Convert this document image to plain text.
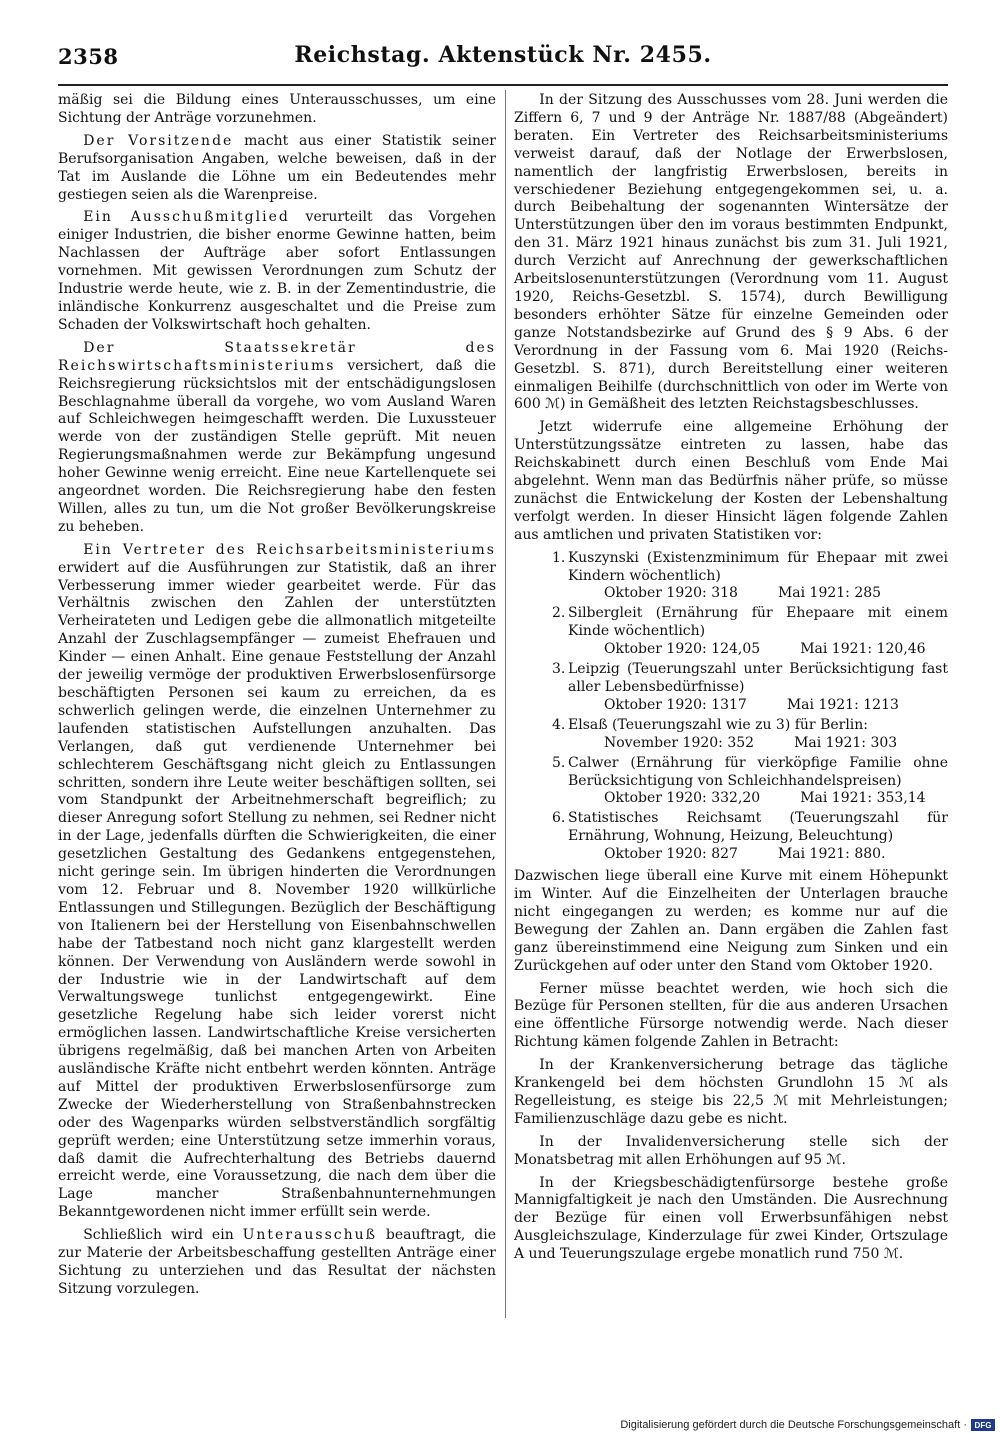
2358	Reichstag. Aktenstück Nr. 2455.

mäßig sei die Bildung eines Unterausschusses, um eine Sichtung der Anträge vorzunehmen.

Der Vorsitzende macht aus einer Statistik seiner Berufsorganisation Angaben, welche beweisen, daß in der Tat im Auslande die Löhne um ein Bedeutendes mehr gestiegen seien als die Warenpreise.

Ein Ausschußmitglied verurteilt das Vorgehen einiger Industrien, die bisher enorme Gewinne hatten, beim Nachlassen der Aufträge aber sofort Entlassungen vornehmen. Mit gewissen Verordnungen zum Schutz der Industrie werde heute, wie z. B. in der Zementindustrie, die inländische Konkurrenz ausgeschaltet und die Preise zum Schaden der Volkswirtschaft hoch gehalten.

Der Staatssekretär des Reichswirtschaftsministeriums versichert, daß die Reichsregierung rücksichtslos mit der entschädigungslosen Beschlagnahme überall da vorgehe, wo vom Ausland Waren auf Schleichwegen heimgeschafft werden. Die Luxussteuer werde von der zuständigen Stelle geprüft. Mit neuen Regierungsmaßnahmen werde zur Bekämpfung ungesund hoher Gewinne wenig erreicht. Eine neue Kartellenquete sei angeordnet worden. Die Reichsregierung habe den festen Willen, alles zu tun, um die Not großer Bevölkerungskreise zu beheben.

Ein Vertreter des Reichsarbeitsministeriums erwidert auf die Ausführungen zur Statistik, daß an ihrer Verbesserung immer wieder gearbeitet werde. Für das Verhältnis zwischen den Zahlen der unterstützten Verheirateten und Ledigen gebe die allmonatlich mitgeteilte Anzahl der Zuschlagsempfänger — zumeist Ehefrauen und Kinder — einen Anhalt. Eine genaue Feststellung der Anzahl der jeweilig vermöge der produktiven Erwerbslosenfürsorge beschäftigten Personen sei kaum zu erreichen, da es schwerlich gelingen werde, die einzelnen Unternehmer zu laufenden statistischen Aufstellungen anzuhalten. Das Verlangen, daß gut verdienende Unternehmer bei schlechterem Geschäftsgang nicht gleich zu Entlassungen schritten, sondern ihre Leute weiter beschäftigen sollten, sei vom Standpunkt der Arbeitnehmerschaft begreiflich; zu dieser Anregung sofort Stellung zu nehmen, sei Redner nicht in der Lage, jedenfalls dürften die Schwierigkeiten, die einer gesetzlichen Gestaltung des Gedankens entgegenstehen, nicht geringe sein. Im übrigen hinderten die Verordnungen vom 12. Februar und 8. November 1920 willkürliche Entlassungen und Stillegungen. Bezüglich der Beschäftigung von Italienern bei der Herstellung von Eisenbahnschwellen habe der Tatbestand noch nicht ganz klargestellt werden können. Der Verwendung von Ausländern werde sowohl in der Industrie wie in der Landwirtschaft auf dem Verwaltungswege tunlichst entgegengewirkt. Eine gesetzliche Regelung habe sich leider vorerst nicht ermöglichen lassen. Landwirtschaftliche Kreise versicherten übrigens regelmäßig, daß bei manchen Arten von Arbeiten ausländische Kräfte nicht entbehrt werden könnten. Anträge auf Mittel der produktiven Erwerbslosenfürsorge zum Zwecke der Wiederherstellung von Straßenbahnstrecken oder des Wagenparks würden selbstverständlich sorgfältig geprüft werden; eine Unterstützung setze immerhin voraus, daß damit die Aufrechterhaltung des Betriebs dauernd erreicht werde, eine Voraussetzung, die nach dem über die Lage mancher Straßenbahnunternehmungen Bekanntgewordenen nicht immer erfüllt sein werde.

Schließlich wird ein Unterausschuß beauftragt, die zur Materie der Arbeitsbeschaffung gestellten Anträge einer Sichtung zu unterziehen und das Resultat der nächsten Sitzung vorzulegen.

In der Sitzung des Ausschusses vom 28. Juni werden die Ziffern 6, 7 und 9 der Anträge Nr. 1887/88 (Abgeändert) beraten. Ein Vertreter des Reichsarbeitsministeriums verweist darauf, daß der Notlage der Erwerbslosen, namentlich der langfristig Erwerbslosen, bereits in verschiedener Beziehung entgegengekommen sei, u. a. durch Beibehaltung der sogenannten Wintersätze der Unterstützungen über den im voraus bestimmten Endpunkt, den 31. März 1921 hinaus zunächst bis zum 31. Juli 1921, durch Verzicht auf Anrechnung der gewerkschaftlichen Arbeitslosenunterstützungen (Verordnung vom 11. August 1920, Reichs-Gesetzbl. S. 1574), durch Bewilligung besonders erhöhter Sätze für einzelne Gemeinden oder ganze Notstandsbezirke auf Grund des § 9 Abs. 6 der Verordnung in der Fassung vom 6. Mai 1920 (Reichs-Gesetzbl. S. 871), durch Bereitstellung einer weiteren einmaligen Beihilfe (durchschnittlich von oder im Werte von 600 ℳ) in Gemäßheit des letzten Reichstagsbeschlusses.

Jetzt widerrufe eine allgemeine Erhöhung der Unterstützungssätze eintreten zu lassen, habe das Reichskabinett durch einen Beschluß vom Ende Mai abgelehnt. Wenn man das Bedürfnis näher prüfe, so müsse zunächst die Entwickelung der Kosten der Lebenshaltung verfolgt werden. In dieser Hinsicht lägen folgende Zahlen aus amtlichen und privaten Statistiken vor:

1. Kuszynski (Existenzminimum für Ehepaar mit zwei Kindern wöchentlich)
Oktober 1920: 318	Mai 1921: 285
2. Silbergleit (Ernährung für Ehepaare mit einem Kinde wöchentlich)
Oktober 1920: 124,05	Mai 1921: 120,46
3. Leipzig (Teuerungszahl unter Berücksichtigung fast aller Lebensbedürfnisse)
Oktober 1920: 1317	Mai 1921: 1213
4. Elsaß (Teuerungszahl wie zu 3) für Berlin:
November 1920: 352	Mai 1921: 303
5. Calwer (Ernährung für vierköpfige Familie ohne Berücksichtigung von Schleichhandelspreisen)
Oktober 1920: 332,20	Mai 1921: 353,14
6. Statistisches Reichsamt (Teuerungszahl für Ernährung, Wohnung, Heizung, Beleuchtung)
Oktober 1920: 827	Mai 1921: 880.

Dazwischen liege überall eine Kurve mit einem Höhepunkt im Winter. Auf die Einzelheiten der Unterlagen brauche nicht eingegangen zu werden; es komme nur auf die Bewegung der Zahlen an. Dann ergäben die Zahlen fast ganz übereinstimmend eine Neigung zum Sinken und ein Zurückgehen auf oder unter den Stand vom Oktober 1920.

Ferner müsse beachtet werden, wie hoch sich die Bezüge für Personen stellten, für die aus anderen Ursachen eine öffentliche Fürsorge notwendig werde. Nach dieser Richtung kämen folgende Zahlen in Betracht:

In der Krankenversicherung betrage das tägliche Krankengeld bei dem höchsten Grundlohn 15 ℳ als Regelleistung, es steige bis 22,5 ℳ mit Mehrleistungen; Familienzuschläge dazu gebe es nicht.

In der Invalidenversicherung stelle sich der Monatsbetrag mit allen Erhöhungen auf 95 ℳ.

In der Kriegsbeschädigtenfürsorge bestehe große Mannigfaltigkeit je nach den Umständen. Die Ausrechnung der Bezüge für einen voll Erwerbsunfähigen nebst Ausgleichszulage, Kinderzulage für zwei Kinder, Ortszulage A und Teuerungszulage ergebe monatlich rund 750 ℳ.

Digitalisierung gefördert durch die Deutsche Forschungsgemeinschaft · DFG
